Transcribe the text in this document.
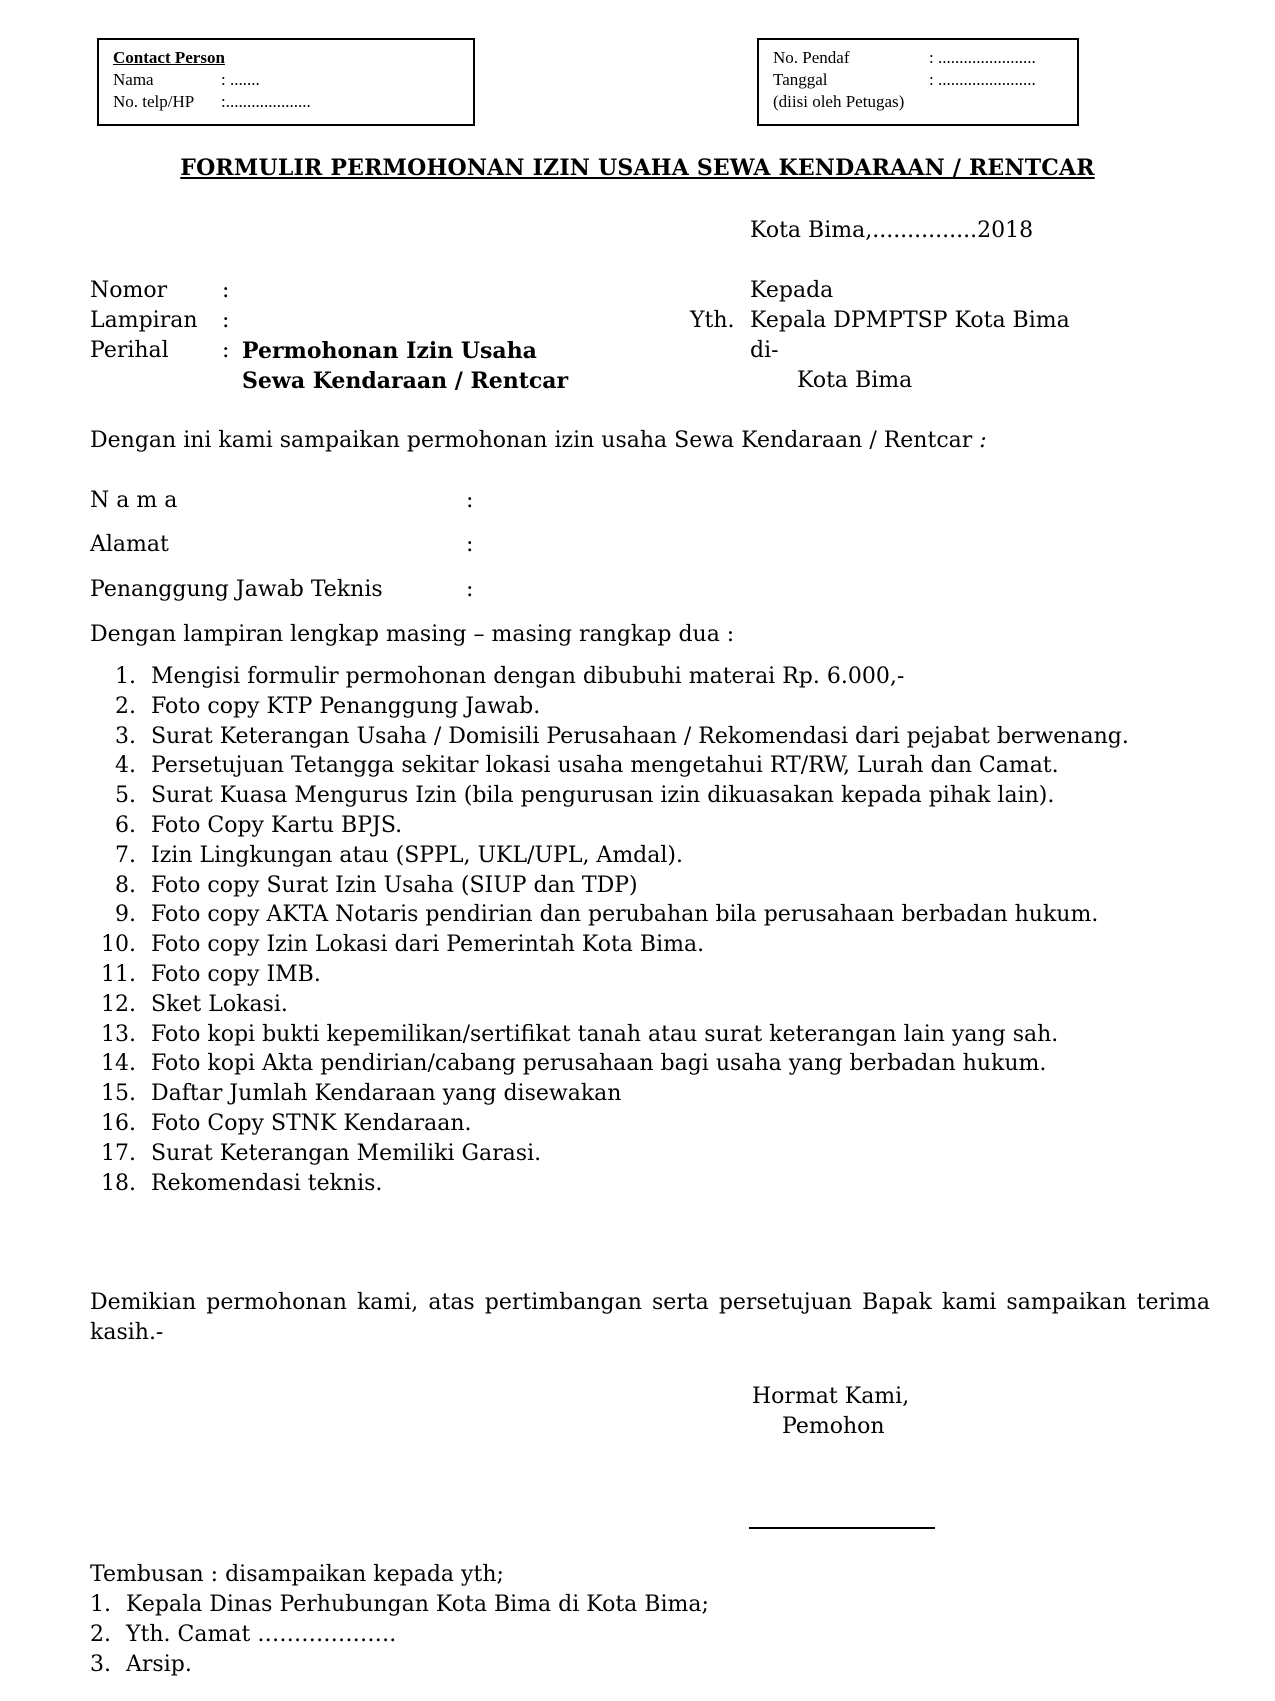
Contact Person
Nama	: .......
No. telp/HP :....................
No. Pendaf	: .......................
Tanggal	: .......................
(diisi oleh Petugas)
FORMULIR PERMOHONAN IZIN USAHA SEWA KENDARAAN / RENTCAR
Kota Bima,...............2018
Nomor :
Lampiran :
Perihal : Permohonan Izin Usaha
Sewa Kendaraan / Rentcar
Kepada
Yth. Kepala DPMPTSP Kota Bima
di-
Kota Bima
Dengan ini kami sampaikan permohonan izin usaha Sewa Kendaraan / Rentcar :
N a m a	:
Alamat	:
Penanggung Jawab Teknis	:
Dengan lampiran lengkap masing – masing rangkap dua :
1. Mengisi formulir permohonan dengan dibubuhi materai Rp. 6.000,-
2. Foto copy KTP Penanggung Jawab.
3. Surat Keterangan Usaha / Domisili Perusahaan / Rekomendasi dari pejabat berwenang.
4. Persetujuan Tetangga sekitar lokasi usaha mengetahui RT/RW, Lurah dan Camat.
5. Surat Kuasa Mengurus Izin (bila pengurusan izin dikuasakan kepada pihak lain).
6. Foto Copy Kartu BPJS.
7. Izin Lingkungan atau (SPPL, UKL/UPL, Amdal).
8. Foto copy Surat Izin Usaha (SIUP dan TDP)
9. Foto copy AKTA Notaris pendirian dan perubahan bila perusahaan berbadan hukum.
10. Foto copy Izin Lokasi dari Pemerintah Kota Bima.
11. Foto copy IMB.
12. Sket Lokasi.
13. Foto kopi bukti kepemilikan/sertifikat tanah atau surat keterangan lain yang sah.
14. Foto kopi Akta pendirian/cabang perusahaan bagi usaha yang berbadan hukum.
15. Daftar Jumlah Kendaraan yang disewakan
16. Foto Copy STNK Kendaraan.
17. Surat Keterangan Memiliki Garasi.
18. Rekomendasi teknis.
Demikian permohonan kami, atas pertimbangan serta persetujuan Bapak kami sampaikan terima kasih.-
Hormat Kami,
Pemohon
Tembusan : disampaikan kepada yth;
1. Kepala Dinas Perhubungan Kota Bima di Kota Bima;
2. Yth. Camat ……………….
3. Arsip.
